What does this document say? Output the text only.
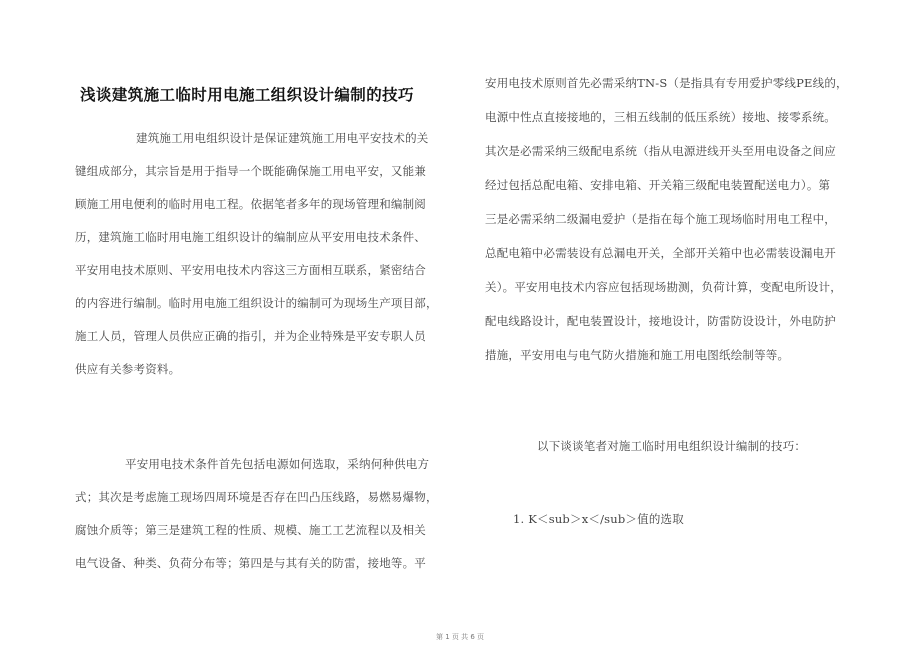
浅谈建筑施工临时用电施工组织设计编制的技巧
建筑施工用电组织设计是保证建筑施工用电平安技术的关
键组成部分，其宗旨是用于指导一个既能确保施工用电平安，又能兼
顾施工用电便利的临时用电工程。依据笔者多年的现场管理和编制阅
历，建筑施工临时用电施工组织设计的编制应从平安用电技术条件、
平安用电技术原则、平安用电技术内容这三方面相互联系，紧密结合
的内容进行编制。临时用电施工组织设计的编制可为现场生产项目部，
施工人员，管理人员供应正确的指引，并为企业特殊是平安专职人员
供应有关参考资料。
平安用电技术条件首先包括电源如何选取，采纳何种供电方
式；其次是考虑施工现场四周环境是否存在凹凸压线路，易燃易爆物，
腐蚀介质等；第三是建筑工程的性质、规模、施工工艺流程以及相关
电气设备、种类、负荷分布等；第四是与其有关的防雷，接地等。平
安用电技术原则首先必需采纳TN-S（是指具有专用爱护零线PE线的，
电源中性点直接接地的，三相五线制的低压系统）接地、接零系统。
其次是必需采纳三级配电系统（指从电源进线开头至用电设备之间应
经过包括总配电箱、安排电箱、开关箱三级配电装置配送电力）。第
三是必需采纳二级漏电爱护（是指在每个施工现场临时用电工程中，
总配电箱中必需装设有总漏电开关，全部开关箱中也必需装设漏电开
关）。平安用电技术内容应包括现场勘测，负荷计算，变配电所设计，
配电线路设计，配电装置设计，接地设计，防雷防设设计，外电防护
措施，平安用电与电气防火措施和施工用电图纸绘制等等。
以下谈谈笔者对施工临时用电组织设计编制的技巧：
1. K＜sub＞x＜/sub＞值的选取
第 1 页 共 6 页
